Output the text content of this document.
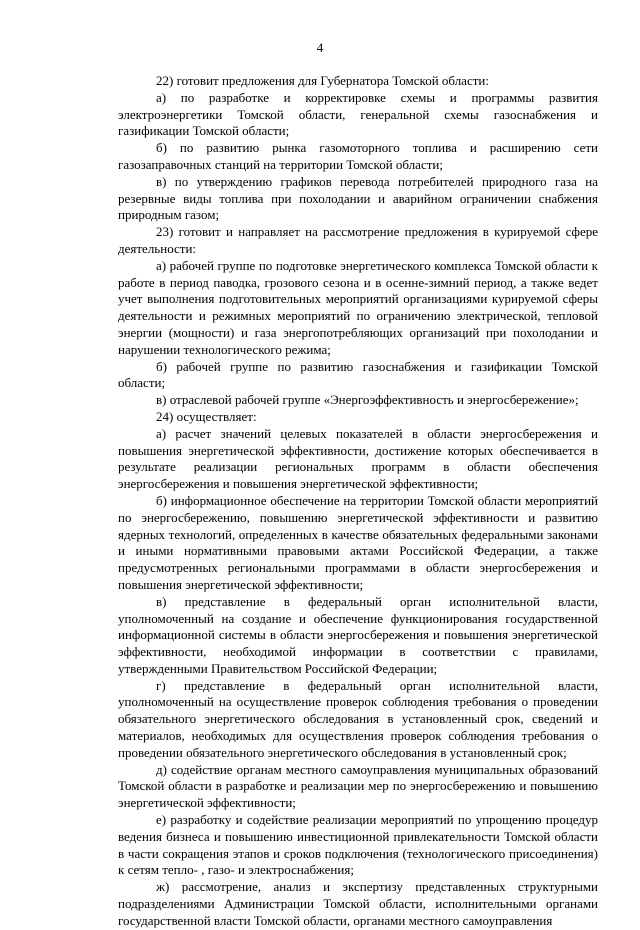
4

22) готовит предложения для Губернатора Томской области:

а) по разработке и корректировке схемы и программы развития электроэнергетики Томской области, генеральной схемы газоснабжения и газификации Томской области;

б) по развитию рынка газомоторного топлива и расширению сети газозаправочных станций на территории Томской области;

в) по утверждению графиков перевода потребителей природного газа на резервные виды топлива при похолодании и аварийном ограничении снабжения природным газом;

23) готовит и направляет на рассмотрение предложения в курируемой сфере деятельности:

а) рабочей группе по подготовке энергетического комплекса Томской области к работе в период паводка, грозового сезона и в осенне-зимний период, а также ведет учет выполнения подготовительных мероприятий организациями курируемой сферы деятельности и режимных мероприятий по ограничению электрической, тепловой энергии (мощности) и газа энергопотребляющих организаций при похолодании и нарушении технологического режима;

б) рабочей группе по развитию газоснабжения и газификации Томской области;

в) отраслевой рабочей группе «Энергоэффективность и энергосбережение»;

24) осуществляет:

а) расчет значений целевых показателей в области энергосбережения и повышения энергетической эффективности, достижение которых обеспечивается в результате реализации региональных программ в области обеспечения энергосбережения и повышения энергетической эффективности;

б) информационное обеспечение на территории Томской области мероприятий по энергосбережению, повышению энергетической эффективности и развитию ядерных технологий, определенных в качестве обязательных федеральными законами и иными нормативными правовыми актами Российской Федерации, а также предусмотренных региональными программами в области энергосбережения и повышения энергетической эффективности;

в) представление в федеральный орган исполнительной власти, уполномоченный на создание и обеспечение функционирования государственной информационной системы в области энергосбережения и повышения энергетической эффективности, необходимой информации в соответствии с правилами, утвержденными Правительством Российской Федерации;

г) представление в федеральный орган исполнительной власти, уполномоченный на осуществление проверок соблюдения требования о проведении обязательного энергетического обследования в установленный срок, сведений и материалов, необходимых для осуществления проверок соблюдения требования о проведении обязательного энергетического обследования в установленный срок;

д) содействие органам местного самоуправления муниципальных образований Томской области в разработке и реализации мер по энергосбережению и повышению энергетической эффективности;

е) разработку и содействие реализации мероприятий по упрощению процедур ведения бизнеса и повышению инвестиционной привлекательности Томской области в части сокращения этапов и сроков подключения (технологического присоединения) к сетям тепло- , газо- и электроснабжения;

ж) рассмотрение, анализ и экспертизу представленных структурными подразделениями Администрации Томской области, исполнительными органами государственной власти Томской области, органами местного самоуправления
